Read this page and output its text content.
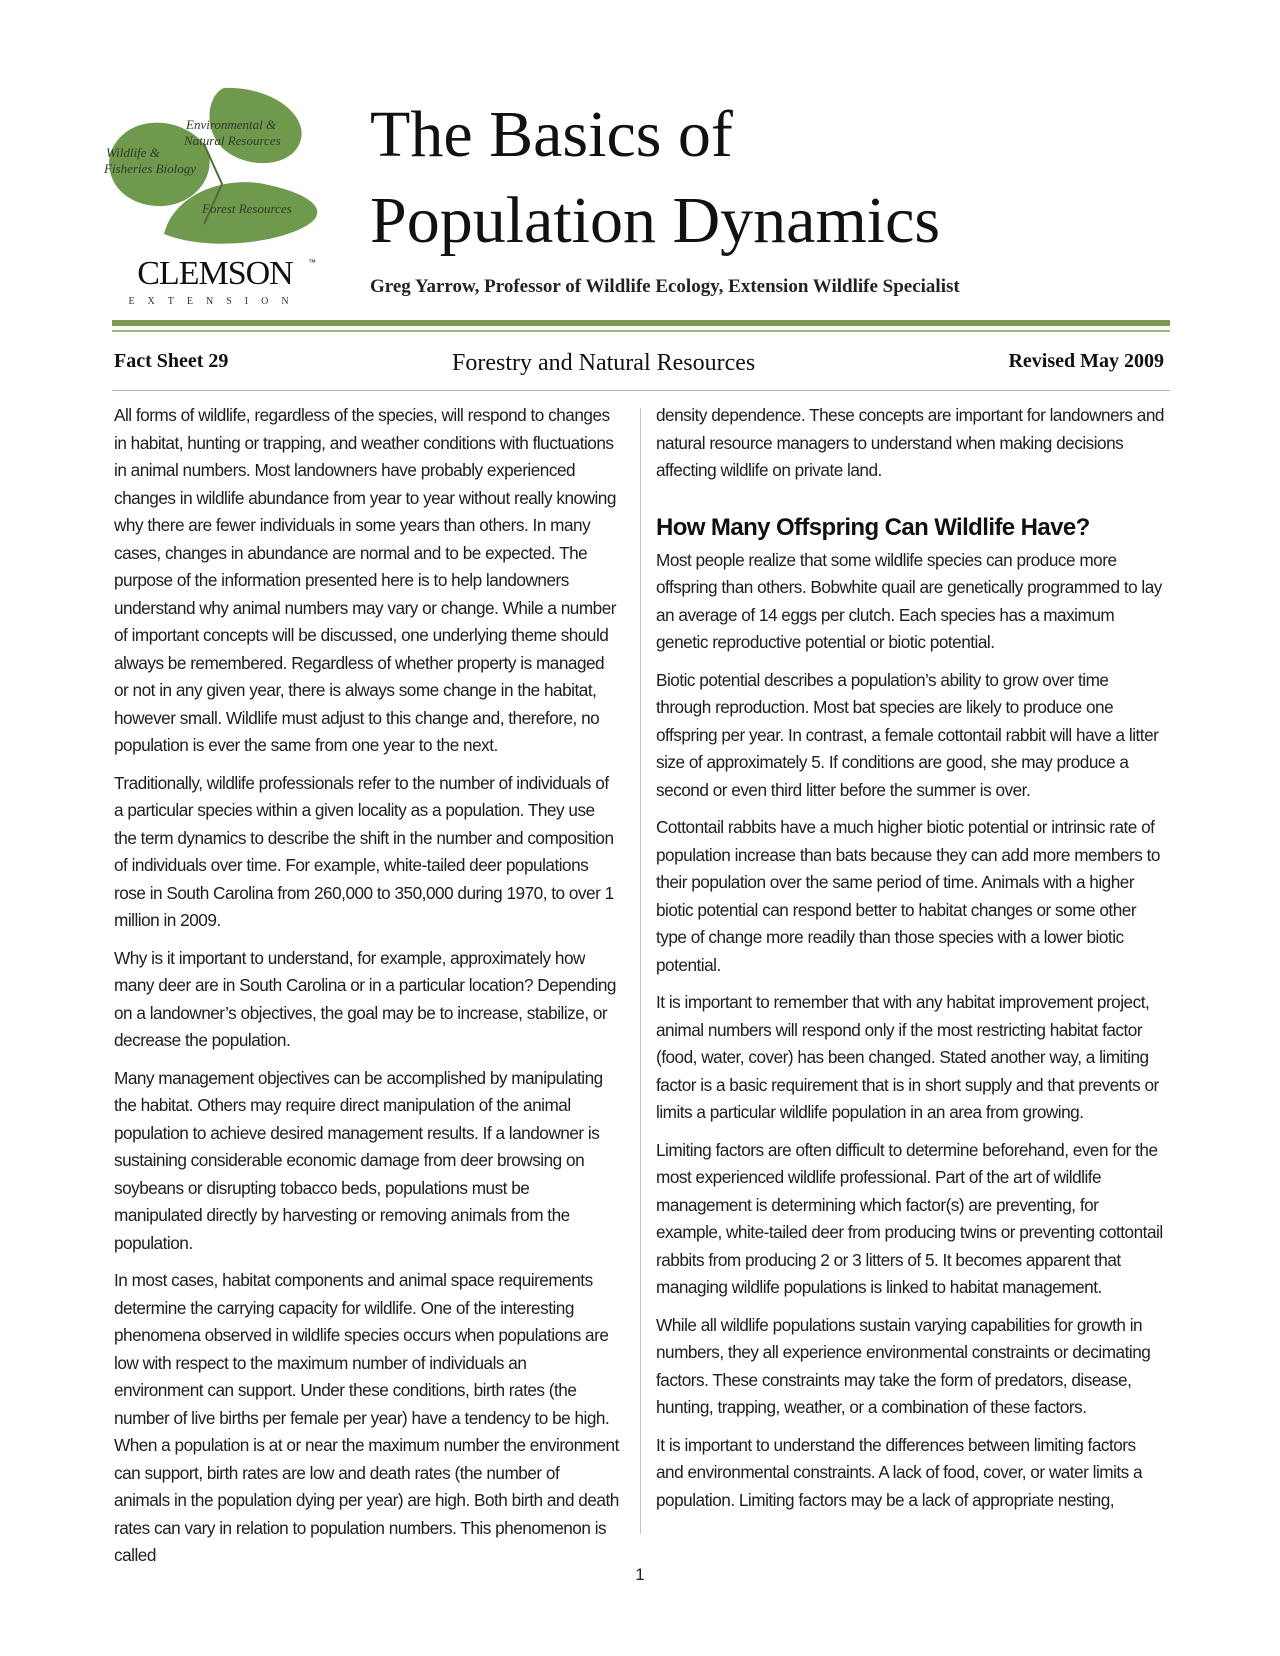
Environmental &
Natural Resources
Wildlife &
Fisheries Biology
Forest Resources
CLEMSON	™
EXTENSION
The Basics of
Population Dynamics
Greg Yarrow, Professor of Wildlife Ecology, Extension Wildlife Specialist
Fact Sheet 29	Forestry and Natural Resources	Revised May 2009

All forms of wildlife, regardless of the species, will respond to changes in habitat, hunting or trapping, and weather conditions with fluctuations in animal numbers. Most landowners have probably experienced changes in wildlife abundance from year to year without really knowing why there are fewer individuals in some years than others. In many cases, changes in abundance are normal and to be expected. The purpose of the information presented here is to help landowners understand why animal numbers may vary or change. While a number of important concepts will be discussed, one underlying theme should always be remembered. Regardless of whether property is managed or not in any given year, there is always some change in the habitat, however small. Wildlife must adjust to this change and, therefore, no population is ever the same from one year to the next.

Traditionally, wildlife professionals refer to the number of individuals of a particular species within a given locality as a population. They use the term dynamics to describe the shift in the number and composition of individuals over time. For example, white-tailed deer populations rose in South Carolina from 260,000 to 350,000 during 1970, to over 1 million in 2009.

Why is it important to understand, for example, approximately how many deer are in South Carolina or in a particular location? Depending on a landowner’s objectives, the goal may be to increase, stabilize, or decrease the population.

Many management objectives can be accomplished by manipulating the habitat. Others may require direct manipulation of the animal population to achieve desired management results. If a landowner is sustaining considerable economic damage from deer browsing on soybeans or disrupting tobacco beds, populations must be manipulated directly by harvesting or removing animals from the population.

In most cases, habitat components and animal space requirements determine the carrying capacity for wildlife. One of the interesting phenomena observed in wildlife species occurs when populations are low with respect to the maximum number of individuals an environment can support. Under these conditions, birth rates (the number of live births per female per year) have a tendency to be high. When a population is at or near the maximum number the environment can support, birth rates are low and death rates (the number of animals in the population dying per year) are high. Both birth and death rates can vary in relation to population numbers. This phenomenon is called

density dependence. These concepts are important for landowners and natural resource managers to understand when making decisions affecting wildlife on private land.

How Many Offspring Can Wildlife Have?

Most people realize that some wildlife species can produce more offspring than others. Bobwhite quail are genetically programmed to lay an average of 14 eggs per clutch. Each species has a maximum genetic reproductive potential or biotic potential.

Biotic potential describes a population’s ability to grow over time through reproduction. Most bat species are likely to produce one offspring per year. In contrast, a female cottontail rabbit will have a litter size of approximately 5. If conditions are good, she may produce a second or even third litter before the summer is over.

Cottontail rabbits have a much higher biotic potential or intrinsic rate of population increase than bats because they can add more members to their population over the same period of time. Animals with a higher biotic potential can respond better to habitat changes or some other type of change more readily than those species with a lower biotic potential.

It is important to remember that with any habitat improvement project, animal numbers will respond only if the most restricting habitat factor (food, water, cover) has been changed. Stated another way, a limiting factor is a basic requirement that is in short supply and that prevents or limits a particular wildlife population in an area from growing.

Limiting factors are often difficult to determine beforehand, even for the most experienced wildlife professional. Part of the art of wildlife management is determining which factor(s) are preventing, for example, white-tailed deer from producing twins or preventing cottontail rabbits from producing 2 or 3 litters of 5. It becomes apparent that managing wildlife populations is linked to habitat management.

While all wildlife populations sustain varying capabilities for growth in numbers, they all experience environmental constraints or decimating factors. These constraints may take the form of predators, disease, hunting, trapping, weather, or a combination of these factors.

It is important to understand the differences between limiting factors and environmental constraints. A lack of food, cover, or water limits a population. Limiting factors may be a lack of appropriate nesting,

1
